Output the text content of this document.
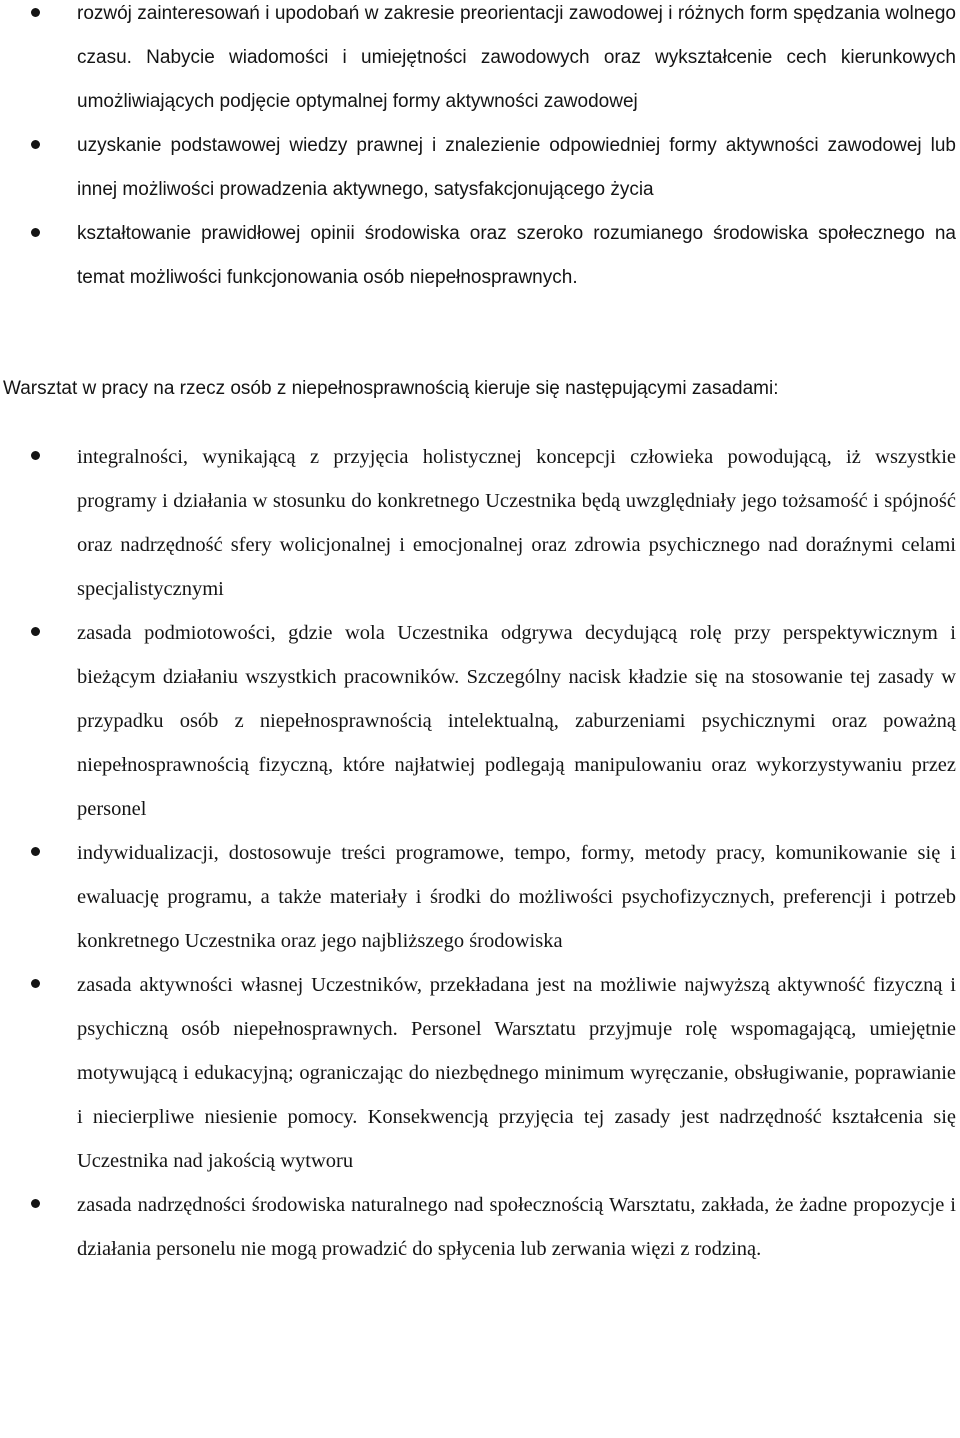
rozwój zainteresowań i upodobań w zakresie preorientacji zawodowej i różnych form spędzania wolnego czasu. Nabycie wiadomości i umiejętności zawodowych oraz wykształcenie cech kierunkowych umożliwiających podjęcie optymalnej formy aktywności zawodowej
uzyskanie podstawowej wiedzy prawnej i znalezienie odpowiedniej formy aktywności zawodowej lub innej możliwości prowadzenia aktywnego, satysfakcjonującego życia
kształtowanie prawidłowej opinii środowiska oraz szeroko rozumianego środowiska społecznego na temat możliwości funkcjonowania osób niepełnosprawnych.

Warsztat w pracy na rzecz osób z niepełnosprawnością kieruje się następującymi zasadami:

integralności, wynikającą z przyjęcia holistycznej koncepcji człowieka powodującą, iż wszystkie programy i działania w stosunku do konkretnego Uczestnika będą uwzględniały jego tożsamość i spójność oraz nadrzędność sfery wolicjonalnej i emocjonalnej oraz zdrowia psychicznego nad doraźnymi celami specjalistycznymi
zasada podmiotowości, gdzie wola Uczestnika odgrywa decydującą rolę przy perspektywicznym i bieżącym działaniu wszystkich pracowników. Szczególny nacisk kładzie się na stosowanie tej zasady w przypadku osób z niepełnosprawnością intelektualną, zaburzeniami psychicznymi oraz poważną niepełnosprawnością fizyczną, które najłatwiej podlegają manipulowaniu oraz wykorzystywaniu przez personel
indywidualizacji, dostosowuje treści programowe, tempo, formy, metody pracy, komunikowanie się i ewaluację programu, a także materiały i środki do możliwości psychofizycznych, preferencji i potrzeb konkretnego Uczestnika oraz jego najbliższego środowiska
zasada aktywności własnej Uczestników, przekładana jest na możliwie najwyższą aktywność fizyczną i psychiczną osób niepełnosprawnych. Personel Warsztatu przyjmuje rolę wspomagającą, umiejętnie motywującą i edukacyjną; ograniczając do niezbędnego minimum wyręczanie, obsługiwanie, poprawianie i niecierpliwe niesienie pomocy. Konsekwencją przyjęcia tej zasady jest nadrzędność kształcenia się Uczestnika nad jakością wytworu
zasada nadrzędności środowiska naturalnego nad społecznością Warsztatu, zakłada, że żadne propozycje i działania personelu nie mogą prowadzić do spłycenia lub zerwania więzi z rodziną.
